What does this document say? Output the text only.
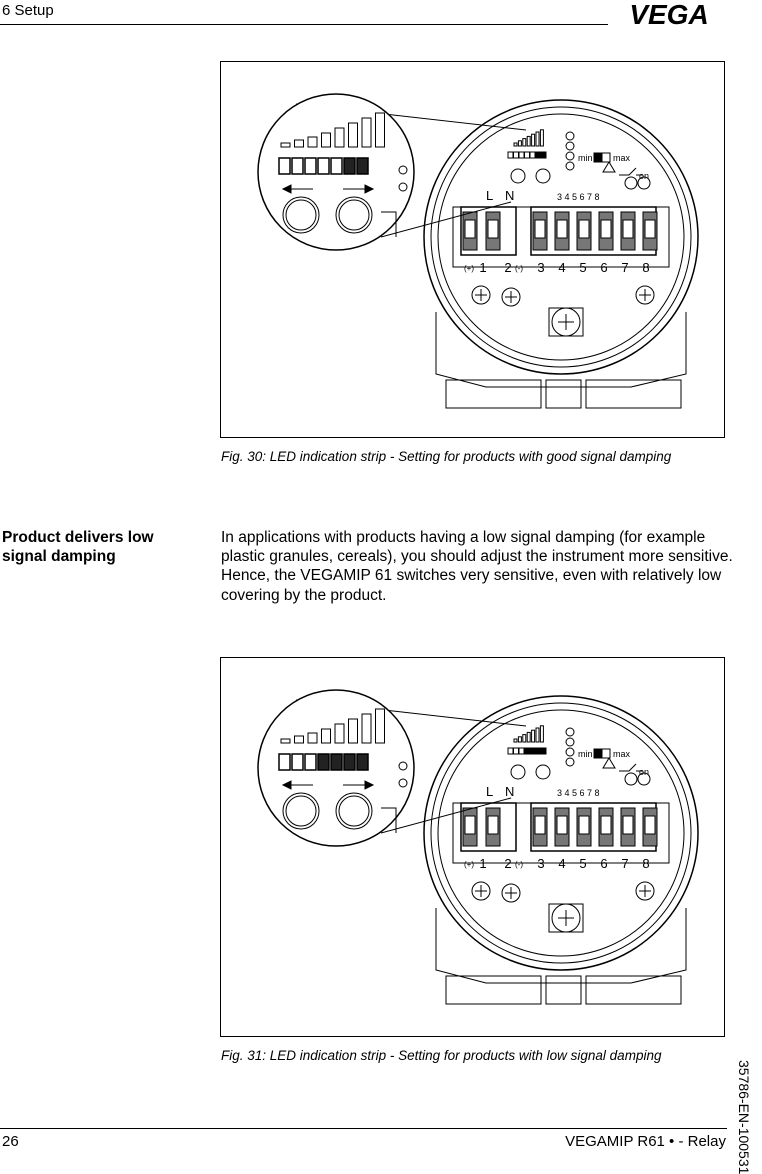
6 Setup	VEGA
1 2 3 4 5 6 7 8
(+)	(-)
L N	3 4 5 6 7 8
on
min max
Fig. 30: LED indication strip - Setting for products with good signal damping
Product delivers low signal damping
In applications with products having a low signal damping (for example plastic granules, cereals), you should adjust the instrument more sensitive. Hence, the VEGAMIP 61 switches very sensitive, even with relatively low covering by the product.
1 2 3 4 5 6 7 8
(+)	(-)
L N	3 4 5 6 7 8
on
min max
Fig. 31: LED indication strip - Setting for products with low signal damping
35786-EN-100531
26	VEGAMIP R61 • - Relay
